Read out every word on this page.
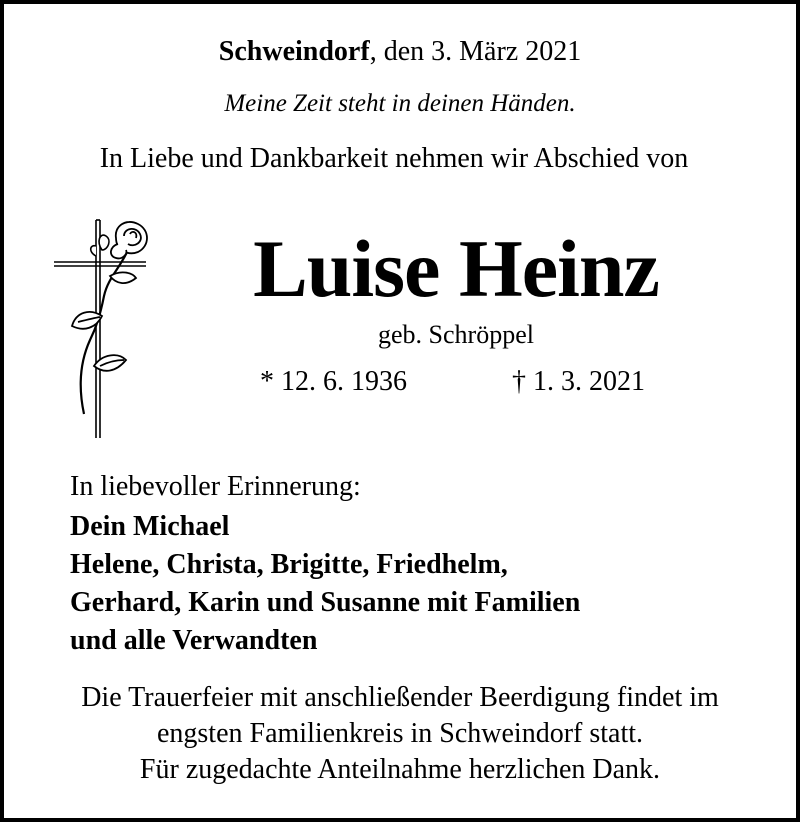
Schweindorf, den 3. März 2021
Meine Zeit steht in deinen Händen.
In Liebe und Dankbarkeit nehmen wir Abschied von
Luise Heinz
geb. Schröppel
* 12. 6. 1936	† 1. 3. 2021
In liebevoller Erinnerung:
Dein Michael
Helene, Christa, Brigitte, Friedhelm,
Gerhard, Karin und Susanne mit Familien
und alle Verwandten
Die Trauerfeier mit anschließender Beerdigung findet im
engsten Familienkreis in Schweindorf statt.
Für zugedachte Anteilnahme herzlichen Dank.
